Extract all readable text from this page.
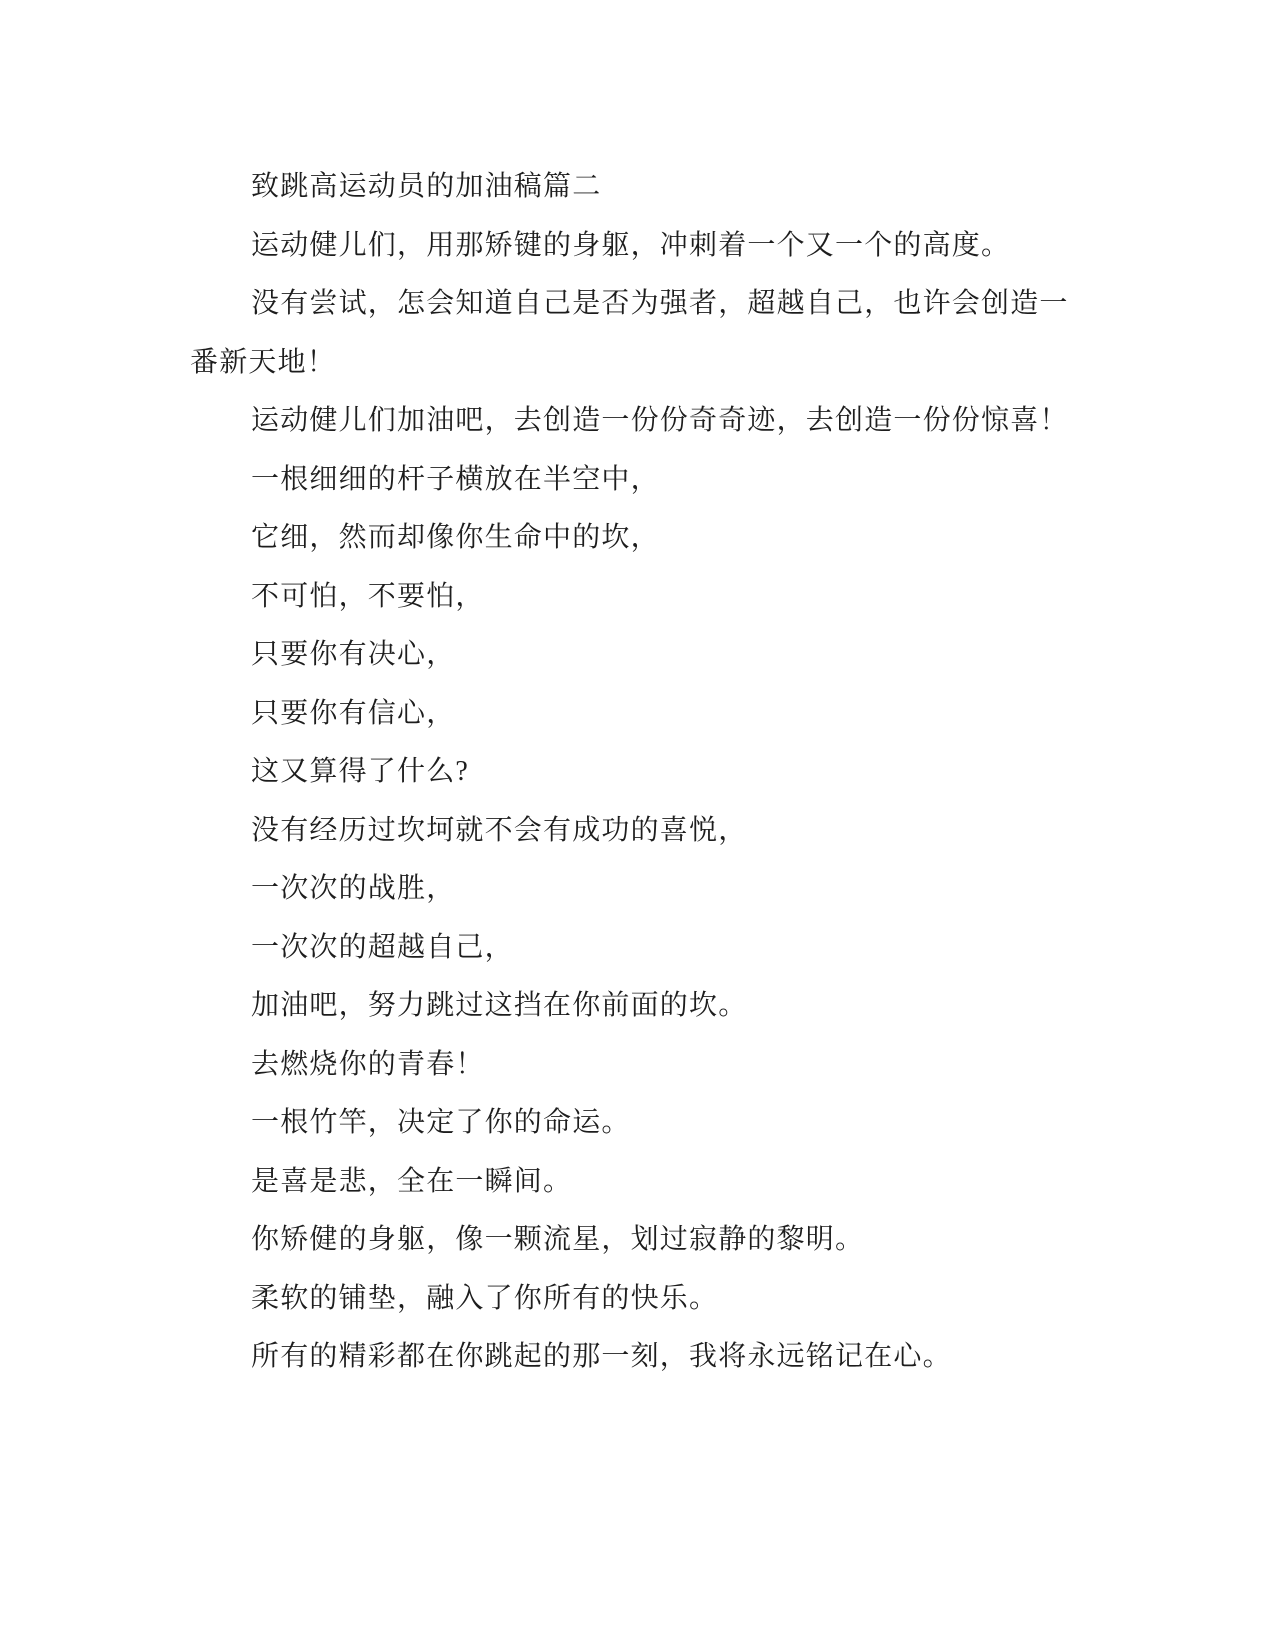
致跳高运动员的加油稿篇二
运动健儿们，用那矫键的身躯，冲刺着一个又一个的高度。
没有尝试，怎会知道自己是否为强者，超越自己，也许会创造一
番新天地！
运动健儿们加油吧，去创造一份份奇奇迹，去创造一份份惊喜！
一根细细的杆子横放在半空中，
它细，然而却像你生命中的坎，
不可怕，不要怕，
只要你有决心，
只要你有信心，
这又算得了什么?
没有经历过坎坷就不会有成功的喜悦，
一次次的战胜，
一次次的超越自己，
加油吧，努力跳过这挡在你前面的坎。
去燃烧你的青春！
一根竹竿，决定了你的命运。
是喜是悲，全在一瞬间。
你矫健的身躯，像一颗流星，划过寂静的黎明。
柔软的铺垫，融入了你所有的快乐。
所有的精彩都在你跳起的那一刻，我将永远铭记在心。
